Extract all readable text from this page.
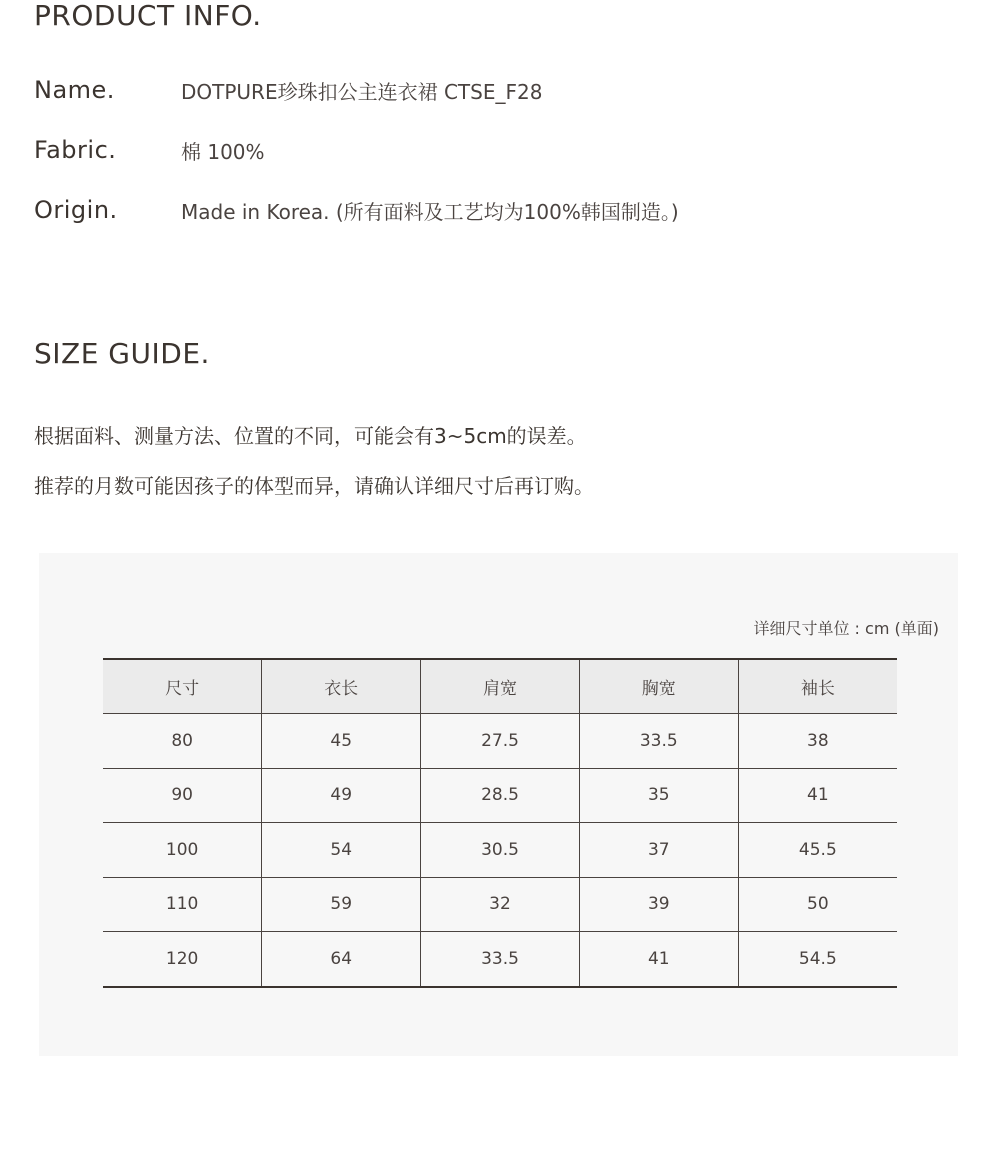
PRODUCT INFO.
Name.	DOTPURE珍珠扣公主连衣裙 CTSE_F28
Fabric.	棉 100%
Origin.	Made in Korea. (所有面料及工艺均为100%韩国制造。)
SIZE GUIDE.
根据面料、测量方法、位置的不同，可能会有3~5cm的误差。
推荐的月数可能因孩子的体型而异，请确认详细尺寸后再订购。
详细尺寸单位 : cm (单面)
尺寸	衣长	肩宽	胸宽	袖长
80	45	27.5	33.5	38
90	49	28.5	35	41
100	54	30.5	37	45.5
110	59	32	39	50
120	64	33.5	41	54.5
